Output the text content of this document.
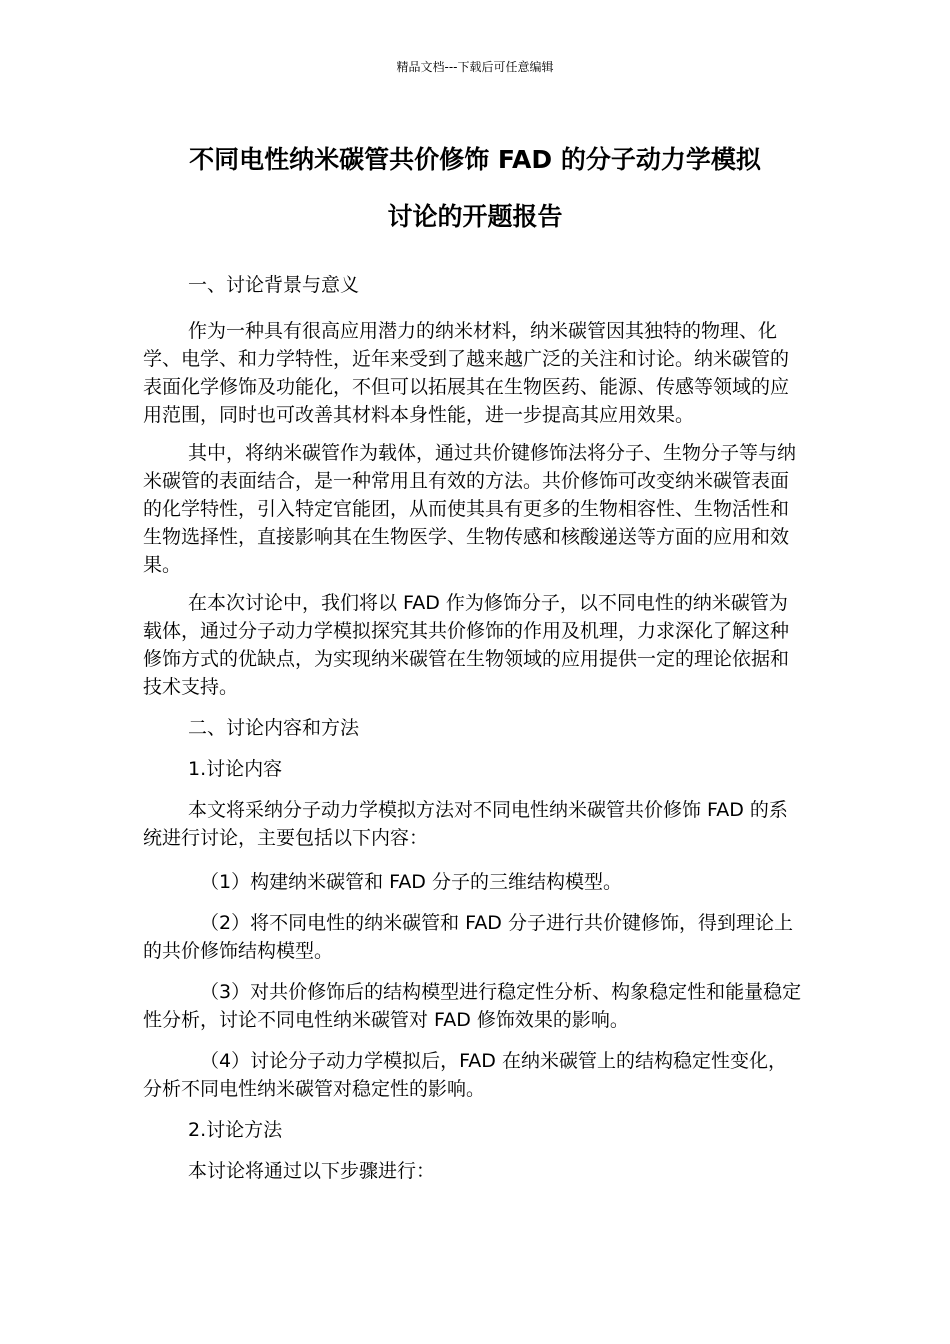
精品文档---下载后可任意编辑
不同电性纳米碳管共价修饰 FAD 的分子动力学模拟
讨论的开题报告

一、讨论背景与意义

作为一种具有很高应用潜力的纳米材料，纳米碳管因其独特的物理、化学、电学、和力学特性，近年来受到了越来越广泛的关注和讨论。纳米碳管的表面化学修饰及功能化，不但可以拓展其在生物医药、能源、传感等领域的应用范围，同时也可改善其材料本身性能，进一步提高其应用效果。

其中，将纳米碳管作为载体，通过共价键修饰法将分子、生物分子等与纳米碳管的表面结合，是一种常用且有效的方法。共价修饰可改变纳米碳管表面的化学特性，引入特定官能团，从而使其具有更多的生物相容性、生物活性和生物选择性，直接影响其在生物医学、生物传感和核酸递送等方面的应用和效果。

在本次讨论中，我们将以 FAD 作为修饰分子，以不同电性的纳米碳管为载体，通过分子动力学模拟探究其共价修饰的作用及机理，力求深化了解这种修饰方式的优缺点，为实现纳米碳管在生物领域的应用提供一定的理论依据和技术支持。

二、讨论内容和方法

1.讨论内容

本文将采纳分子动力学模拟方法对不同电性纳米碳管共价修饰 FAD 的系统进行讨论，主要包括以下内容：

（1）构建纳米碳管和 FAD 分子的三维结构模型。

（2）将不同电性的纳米碳管和 FAD 分子进行共价键修饰，得到理论上的共价修饰结构模型。

（3）对共价修饰后的结构模型进行稳定性分析、构象稳定性和能量稳定性分析，讨论不同电性纳米碳管对 FAD 修饰效果的影响。

（4）讨论分子动力学模拟后，FAD 在纳米碳管上的结构稳定性变化，分析不同电性纳米碳管对稳定性的影响。

2.讨论方法

本讨论将通过以下步骤进行：
